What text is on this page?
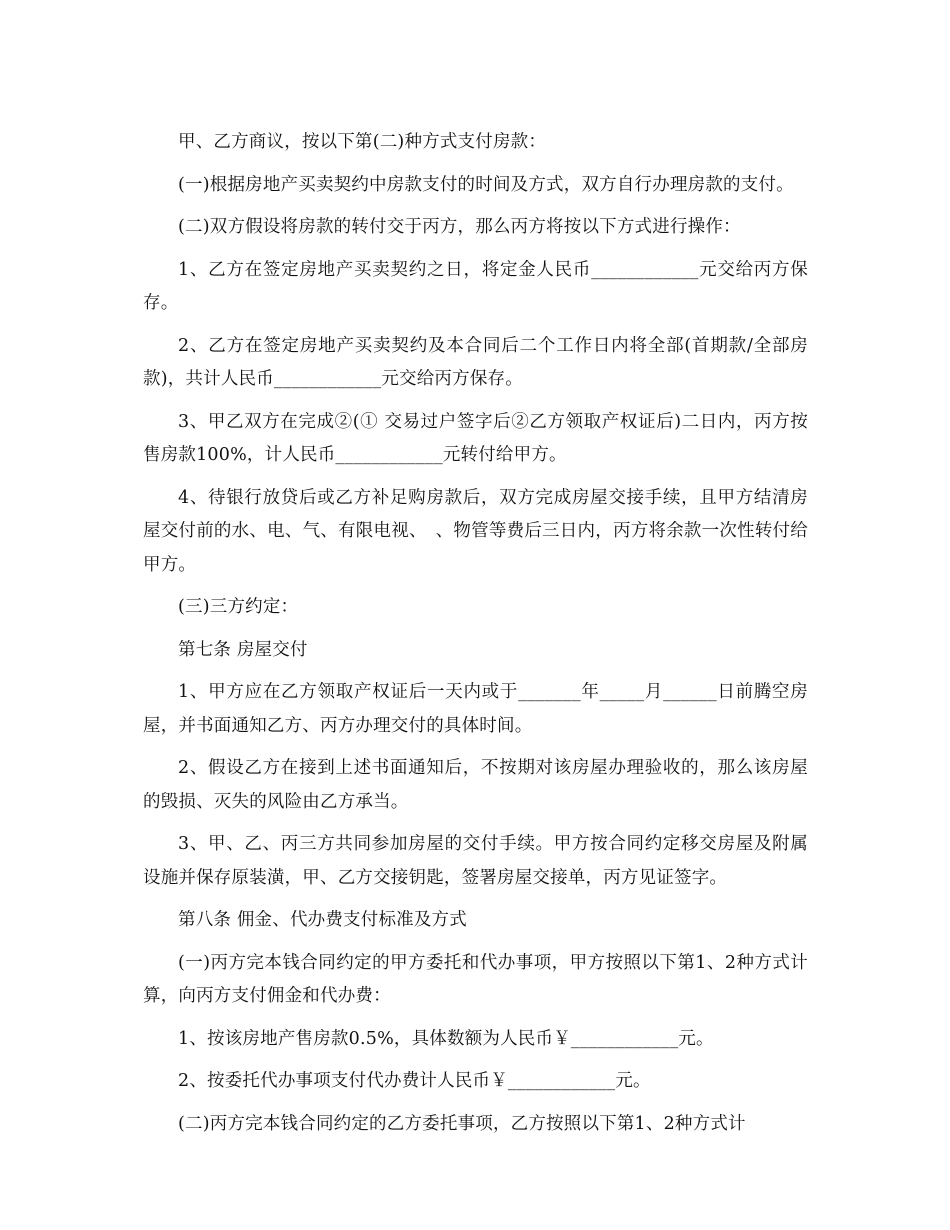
甲、乙方商议，按以下第(二)种方式支付房款：

(一)根据房地产买卖契约中房款支付的时间及方式，双方自行办理房款的支付。

(二)双方假设将房款的转付交于丙方，那么丙方将按以下方式进行操作：

1、乙方在签定房地产买卖契约之日，将定金人民币____________元交给丙方保存。

2、乙方在签定房地产买卖契约及本合同后二个工作日内将全部(首期款/全部房款)，共计人民币____________元交给丙方保存。

3、甲乙双方在完成②(① 交易过户签字后②乙方领取产权证后)二日内，丙方按售房款100%，计人民币____________元转付给甲方。

4、待银行放贷后或乙方补足购房款后，双方完成房屋交接手续，且甲方结清房屋交付前的水、电、气、有限电视、　、物管等费后三日内，丙方将余款一次性转付给甲方。

(三)三方约定：

第七条 房屋交付

1、甲方应在乙方领取产权证后一天内或于_______年_____月______日前腾空房屋，并书面通知乙方、丙方办理交付的具体时间。

2、假设乙方在接到上述书面通知后，不按期对该房屋办理验收的，那么该房屋的毁损、灭失的风险由乙方承当。

3、甲、乙、丙三方共同参加房屋的交付手续。甲方按合同约定移交房屋及附属设施并保存原装潢，甲、乙方交接钥匙，签署房屋交接单，丙方见证签字。

第八条 佣金、代办费支付标准及方式

(一)丙方完本钱合同约定的甲方委托和代办事项，甲方按照以下第1、2种方式计算，向丙方支付佣金和代办费：

1、按该房地产售房款0.5%，具体数额为人民币￥____________元。

2、按委托代办事项支付代办费计人民币￥____________元。

(二)丙方完本钱合同约定的乙方委托事项，乙方按照以下第1、2种方式计
